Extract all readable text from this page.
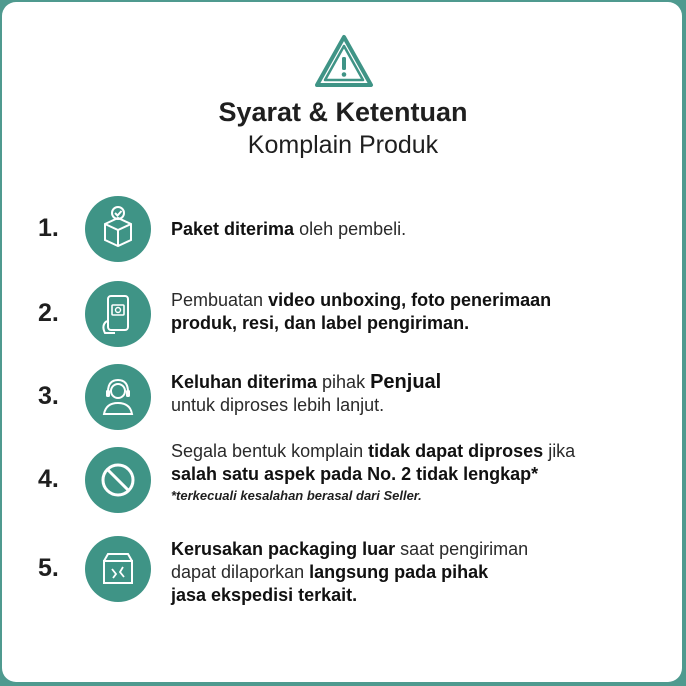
Syarat & Ketentuan
Komplain Produk
1.	Paket diterima oleh pembeli.
2.	Pembuatan video unboxing, foto penerimaan
produk, resi, dan label pengiriman.
3.	Keluhan diterima pihak Penjual
untuk diproses lebih lanjut.
4.
Segala bentuk komplain tidak dapat diproses jika
salah satu aspek pada No. 2 tidak lengkap*
*terkecuali kesalahan berasal dari Seller.
5.
Kerusakan packaging luar saat pengiriman
dapat dilaporkan langsung pada pihak
jasa ekspedisi terkait.
